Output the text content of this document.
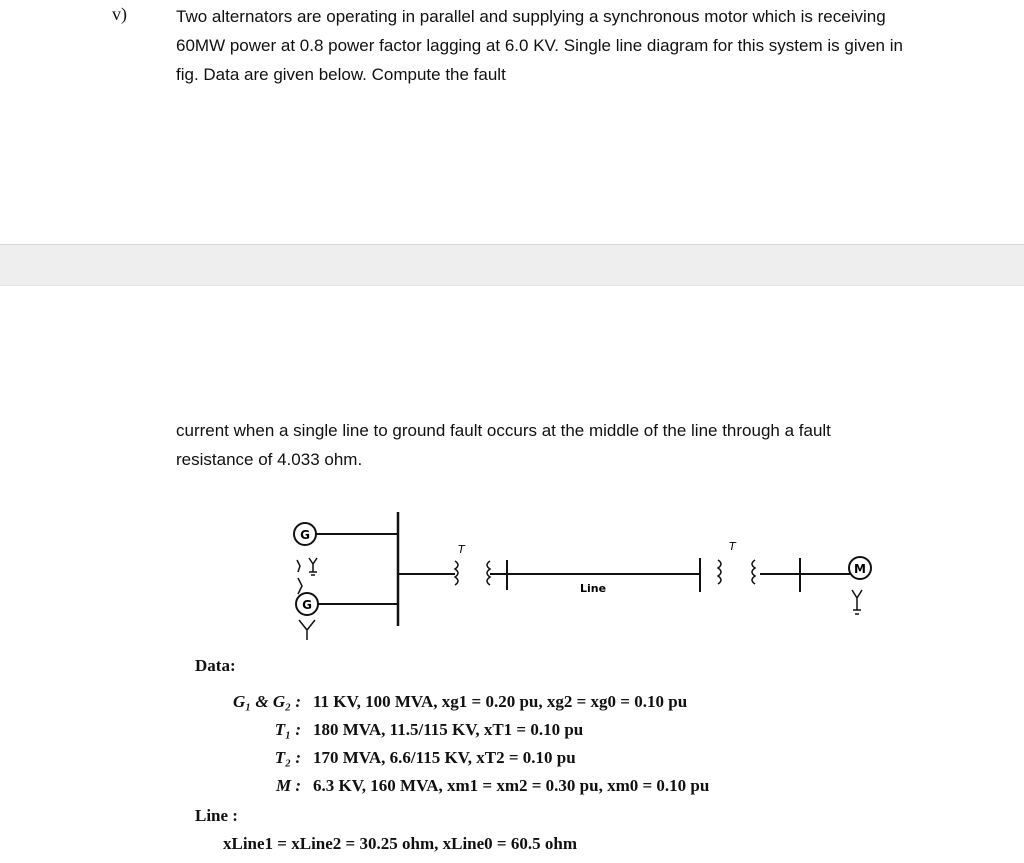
v)	Two alternators are operating in parallel and supplying a synchronous motor which is receiving 60MW power at 0.8 power factor lagging at 6.0 KV. Single line diagram for this system is given in fig. Data are given below. Compute the fault

current when a single line to ground fault occurs at the middle of the line through a fault resistance of 4.033 ohm.

G
G
M
T	T
Line
Data:
G₁ & G₂ : 11 KV, 100 MVA, xg1 = 0.20 pu, xg2 = xg0 = 0.10 pu
T₁ : 180 MVA, 11.5/115 KV, xT1 = 0.10 pu
T₂ : 170 MVA, 6.6/115 KV, xT2 = 0.10 pu
M : 6.3 KV, 160 MVA, xm1 = xm2 = 0.30 pu, xm0 = 0.10 pu
Line :
xLine1 = xLine2 = 30.25 ohm, xLine0 = 60.5 ohm
